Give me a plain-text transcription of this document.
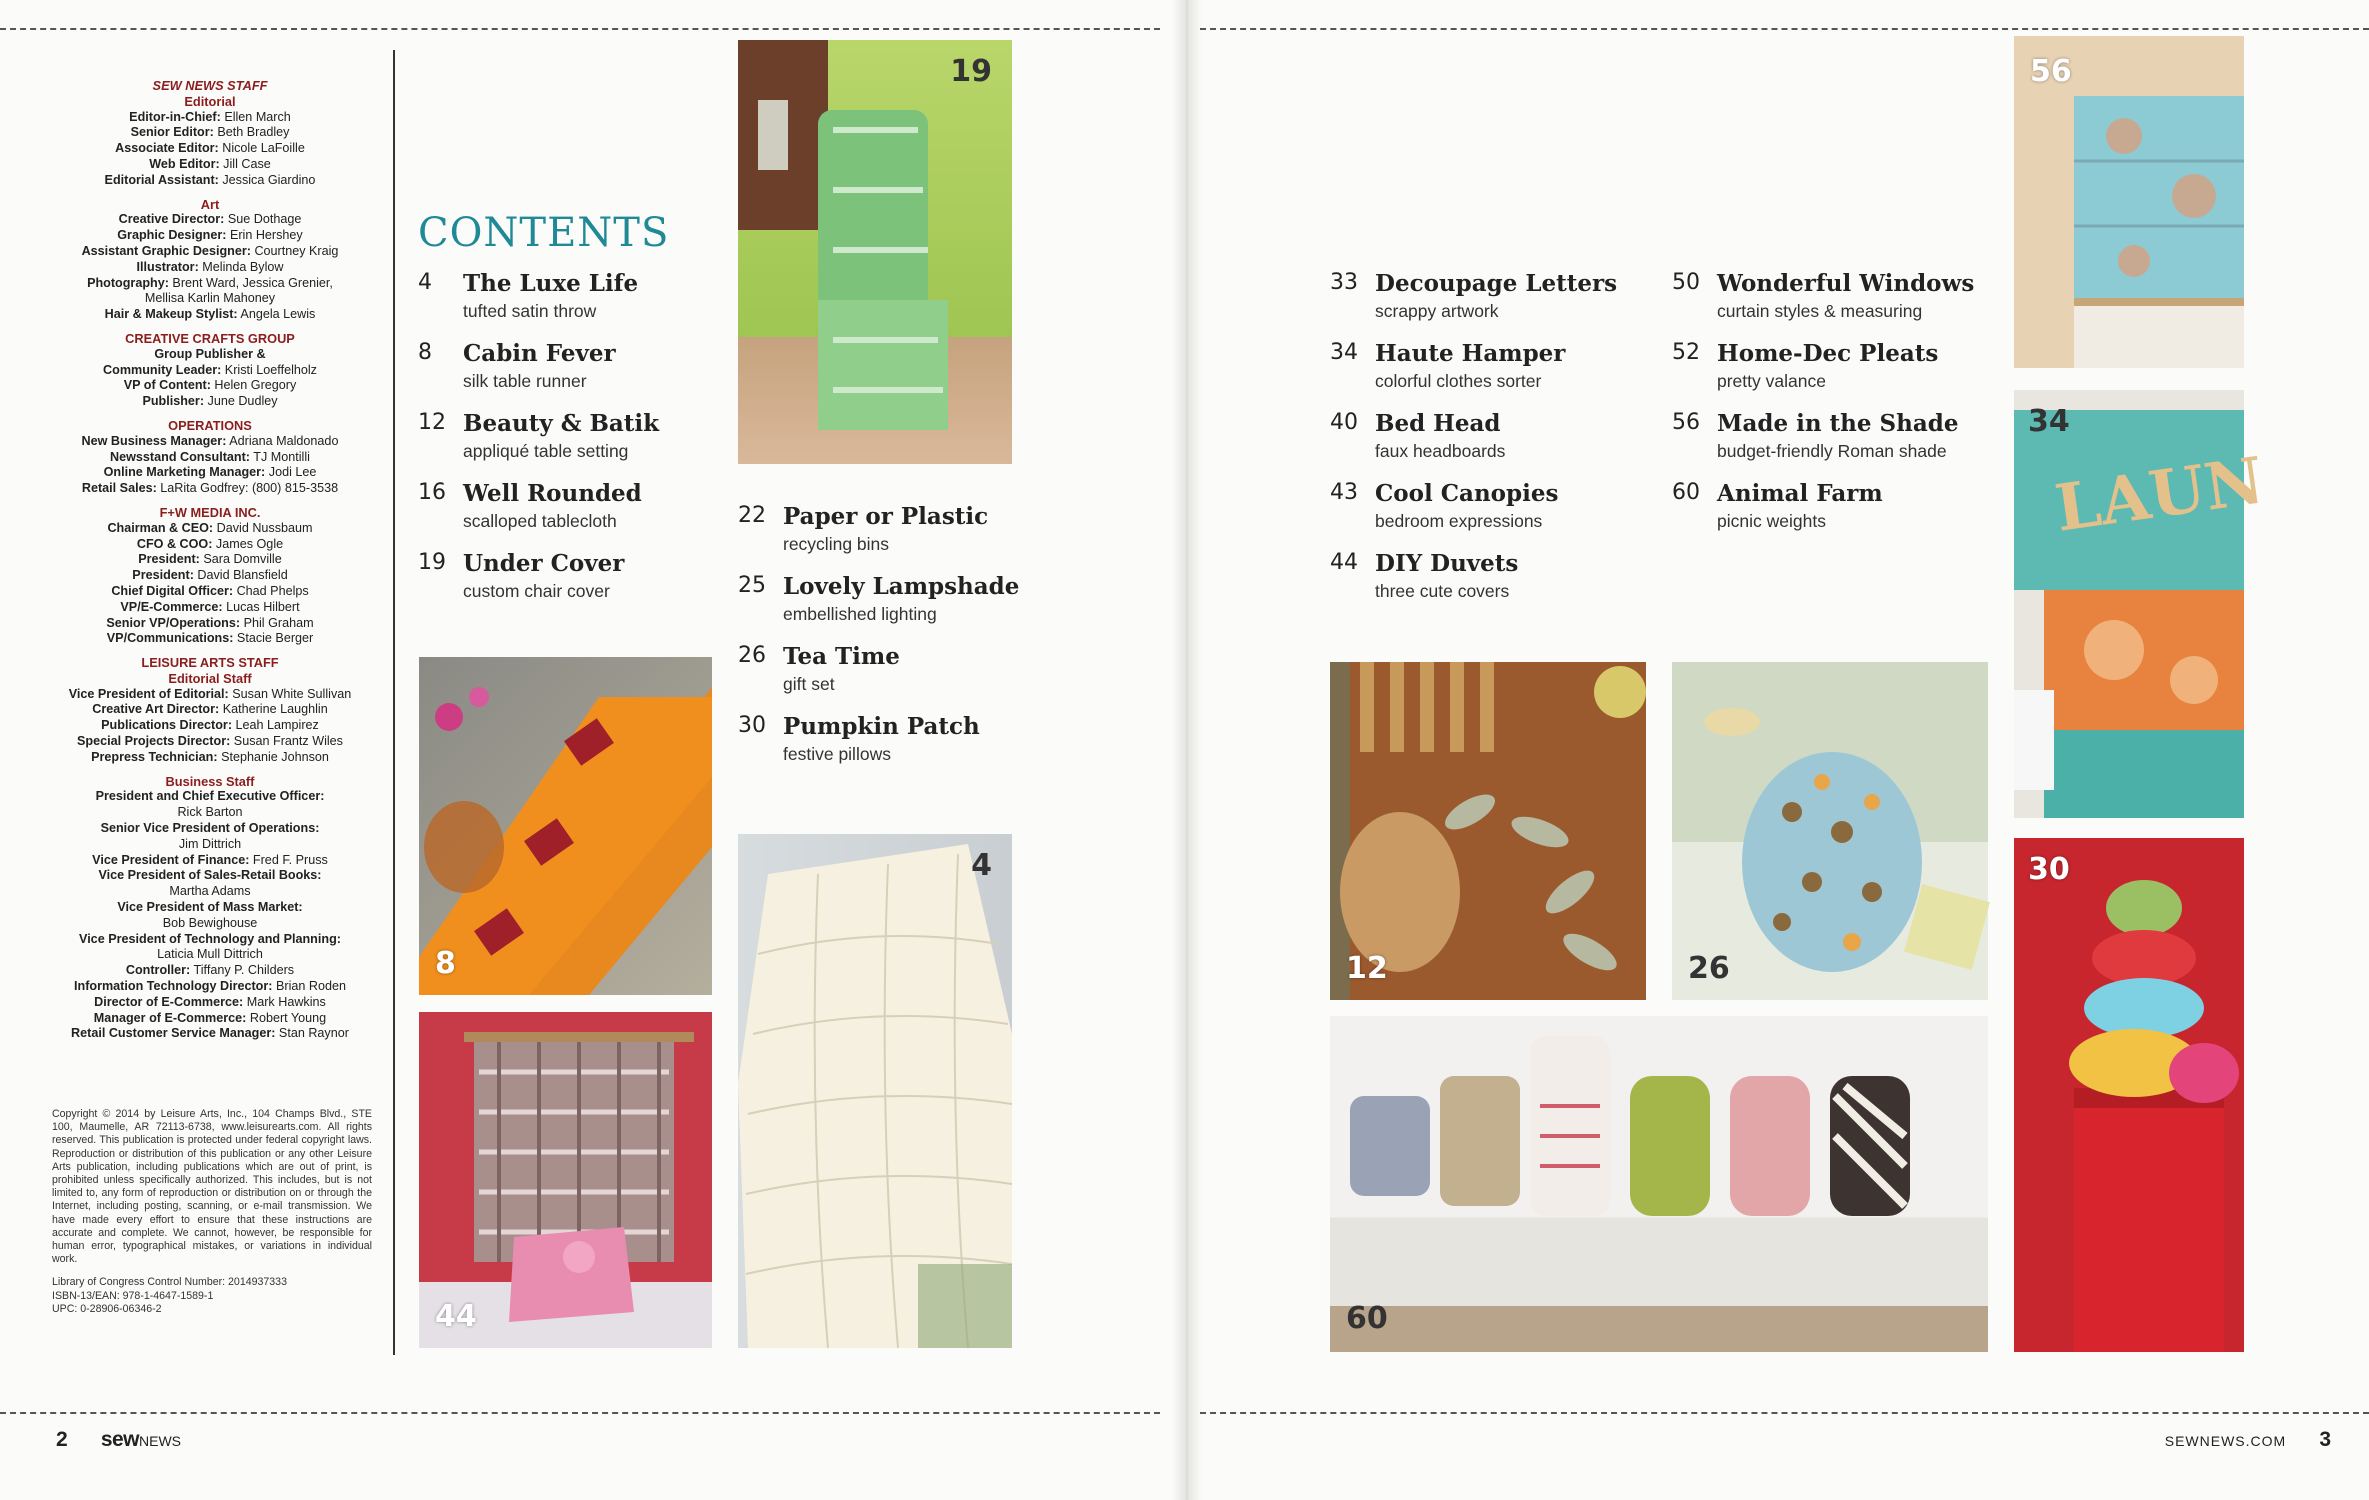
SEW NEWS STAFF
Editorial
Editor-in-Chief: Ellen March
Senior Editor: Beth Bradley
Associate Editor: Nicole LaFoille
Web Editor: Jill Case
Editorial Assistant: Jessica Giardino
Art
Creative Director: Sue Dothage
Graphic Designer: Erin Hershey
Assistant Graphic Designer: Courtney Kraig
Illustrator: Melinda Bylow
Photography: Brent Ward, Jessica Grenier,
Mellisa Karlin Mahoney
Hair & Makeup Stylist: Angela Lewis
CREATIVE CRAFTS GROUP
Group Publisher &
Community Leader: Kristi Loeffelholz
VP of Content: Helen Gregory
Publisher: June Dudley
OPERATIONS
New Business Manager: Adriana Maldonado
Newsstand Consultant: TJ Montilli
Online Marketing Manager: Jodi Lee
Retail Sales: LaRita Godfrey: (800) 815-3538
F+W MEDIA INC.
Chairman & CEO: David Nussbaum
CFO & COO: James Ogle
President: Sara Domville
President: David Blansfield
Chief Digital Officer: Chad Phelps
VP/E-Commerce: Lucas Hilbert
Senior VP/Operations: Phil Graham
VP/Communications: Stacie Berger
LEISURE ARTS STAFF
Editorial Staff
Vice President of Editorial: Susan White Sullivan
Creative Art Director: Katherine Laughlin
Publications Director: Leah Lampirez
Special Projects Director: Susan Frantz Wiles
Prepress Technician: Stephanie Johnson
Business Staff
President and Chief Executive Officer:
Rick Barton
Senior Vice President of Operations:
Jim Dittrich
Vice President of Finance: Fred F. Pruss
Vice President of Sales-Retail Books:
Martha Adams
Vice President of Mass Market:
Bob Bewighouse
Vice President of Technology and Planning:
Laticia Mull Dittrich
Controller: Tiffany P. Childers
Information Technology Director: Brian Roden
Director of E-Commerce: Mark Hawkins
Manager of E-Commerce: Robert Young
Retail Customer Service Manager: Stan Raynor
Copyright © 2014 by Leisure Arts, Inc., 104 Champs Blvd., STE 100, Maumelle, AR 72113-6738, www.leisurearts.com. All rights reserved. This publication is protected under federal copyright laws. Reproduction or distribution of this publication or any other Leisure Arts publication, including publications which are out of print, is prohibited unless specifically authorized. This includes, but is not limited to, any form of reproduction or distribution on or through the Internet, including posting, scanning, or e-mail transmission. We have made every effort to ensure that these instructions are accurate and complete. We cannot, however, be responsible for human error, typographical mistakes, or variations in individual work.
Library of Congress Control Number: 2014937333
ISBN-13/EAN: 978-1-4647-1589-1
UPC: 0-28906-06346-2
CONTENTS
4	The Luxe Life
tufted satin throw
8	Cabin Fever
silk table runner
12 Beauty & Batik
appliqué table setting
16 Well Rounded
scalloped tablecloth
19 Under Cover
custom chair cover
22 Paper or Plastic
recycling bins
25 Lovely Lampshade
embellished lighting
26 Tea Time
gift set
30 Pumpkin Patch
festive pillows
33 Decoupage Letters
scrappy artwork
34 Haute Hamper
colorful clothes sorter
40 Bed Head
faux headboards
43 Cool Canopies
bedroom expressions
44 DIY Duvets
three cute covers
50 Wonderful Windows
curtain styles & measuring
52 Home-Dec Pleats
pretty valance
56 Made in the Shade
budget-friendly Roman shade
60 Animal Farm
picnic weights
19
8
44
4
56
LAUN
34
12	26
60
30
2 sewNEWS	SEWNEWS.COM 3
